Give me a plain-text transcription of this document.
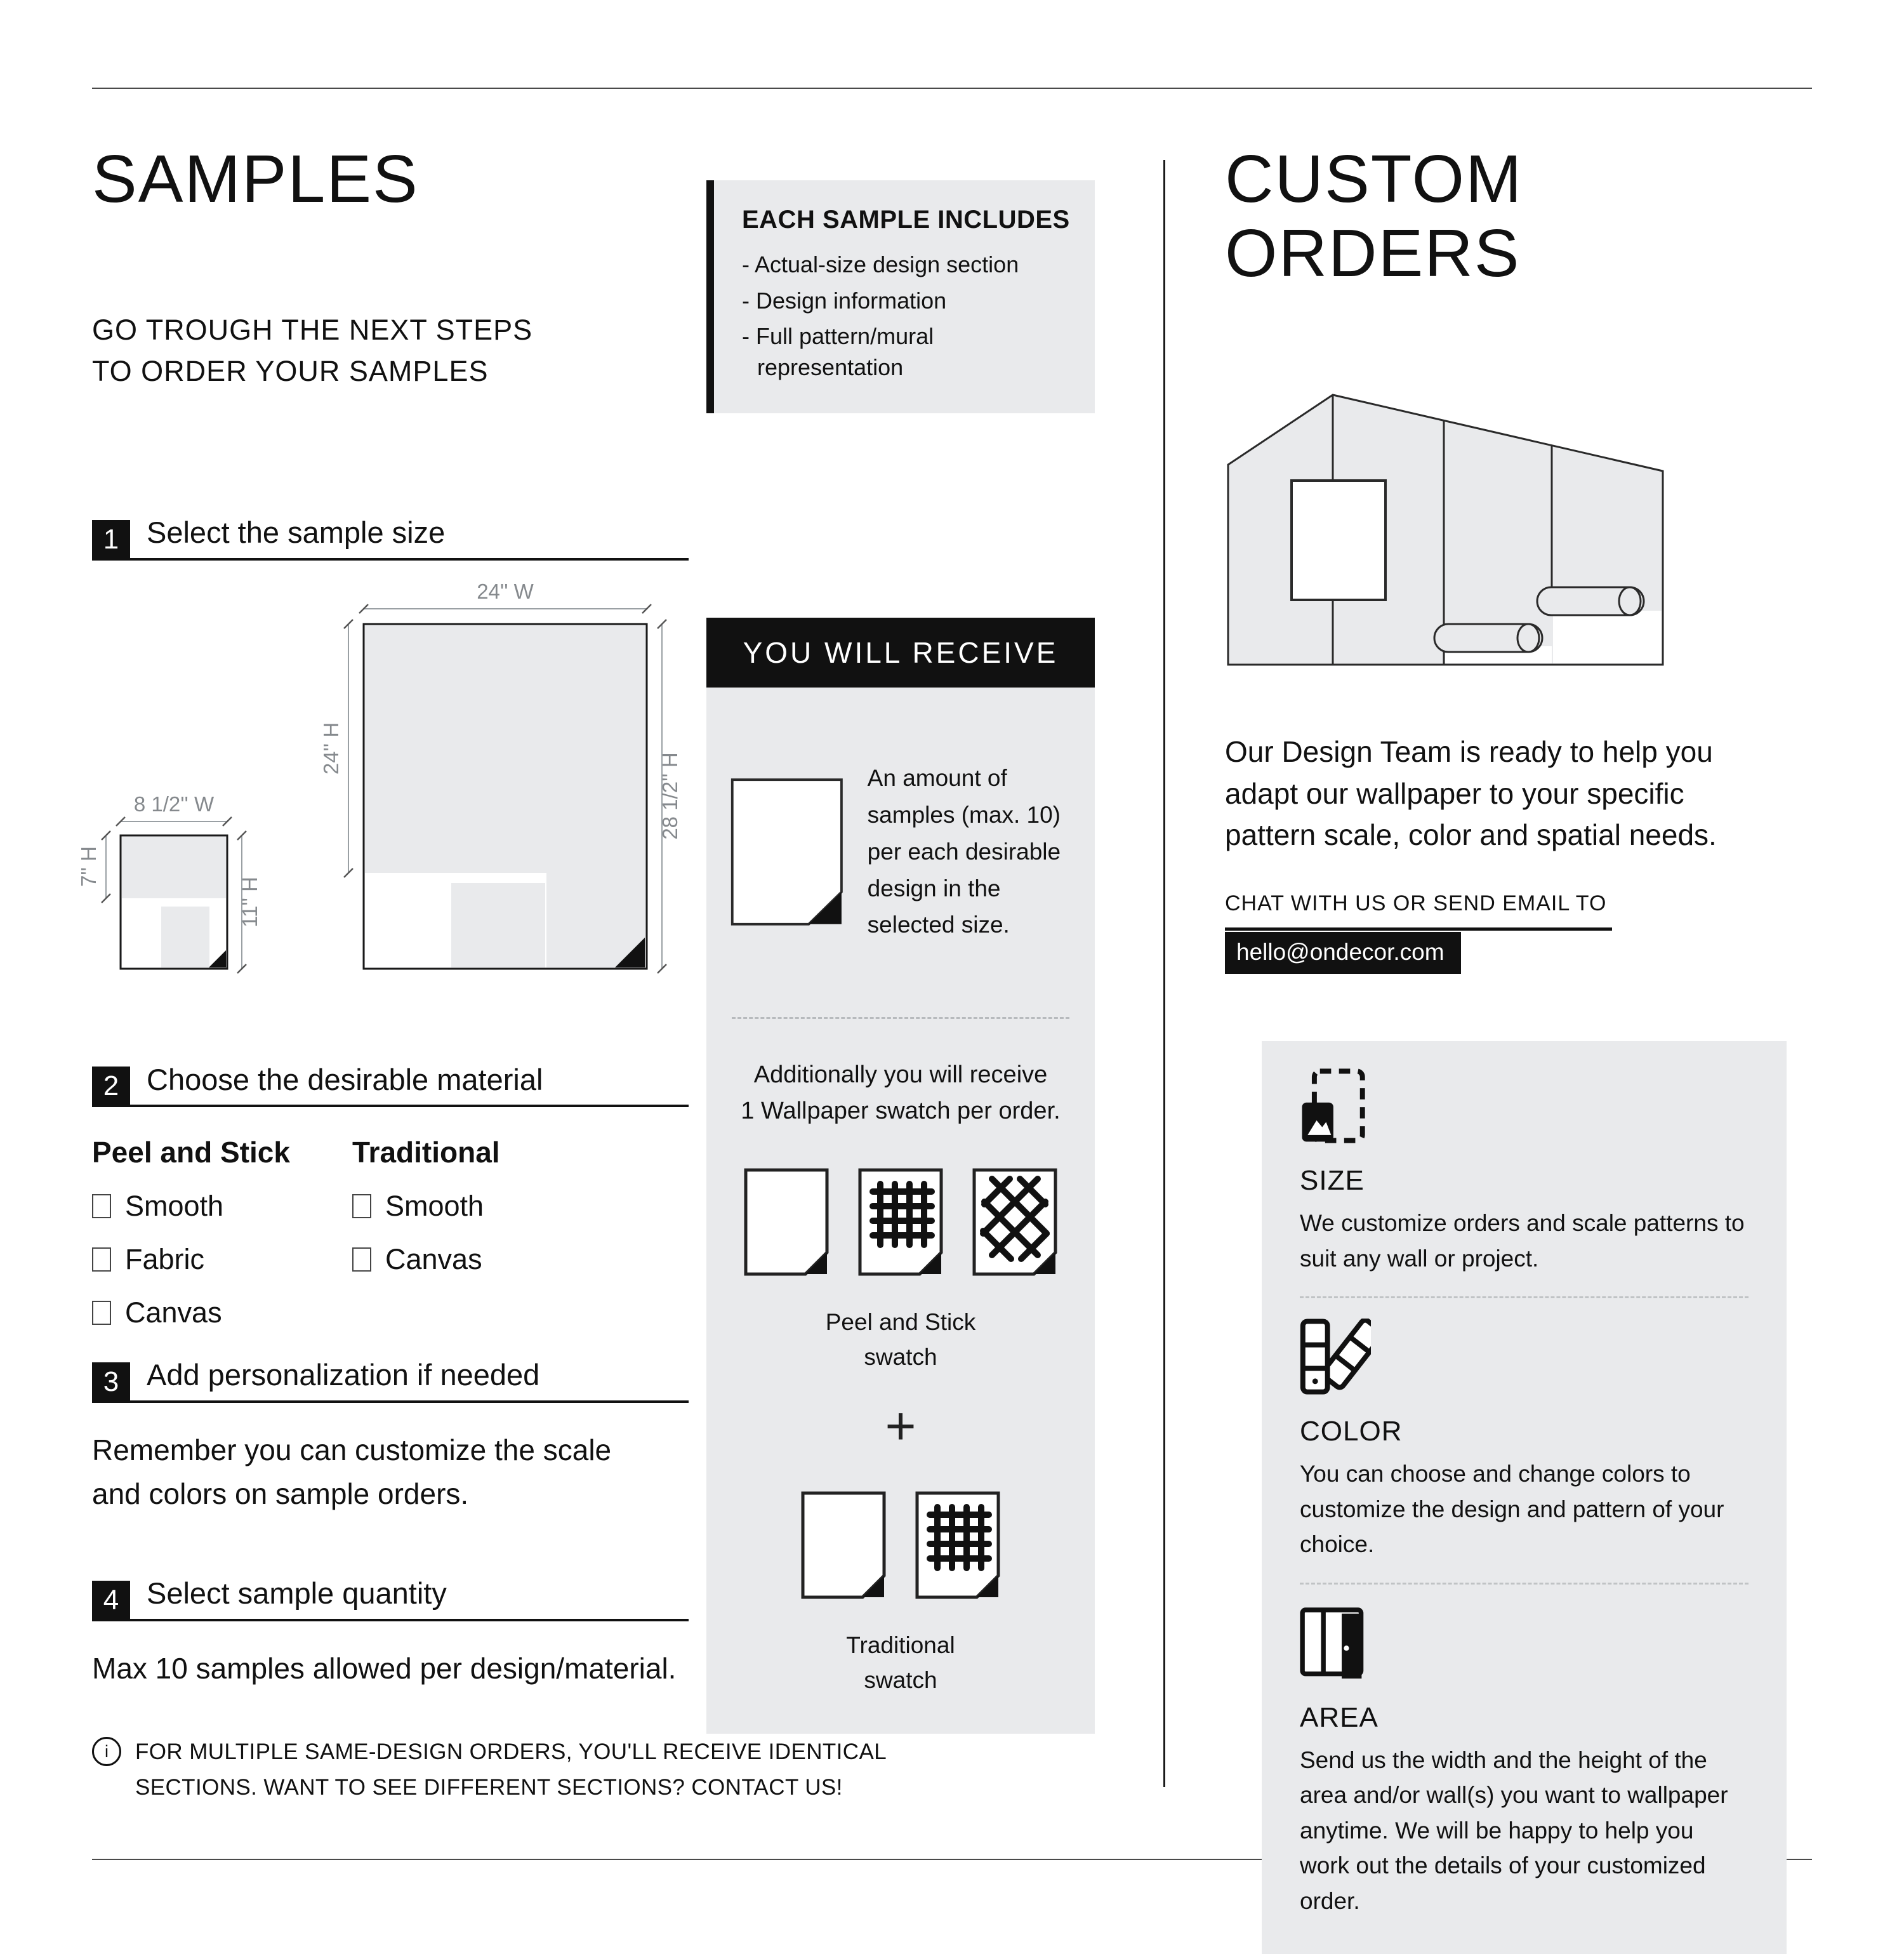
SAMPLES
GO TROUGH THE NEXT STEPS
TO ORDER YOUR SAMPLES
1 Select the sample size
24'' W
24'' H
28 1/2'' H
8 1/2'' W
7'' H
11'' H
2 Choose the desirable material
Peel and Stick
Smooth
Fabric
Canvas
Traditional
Smooth
Canvas
3 Add personalization if needed
Remember you can customize the scale
and colors on sample orders.
4 Select sample quantity
Max 10 samples allowed per design/material.
i	FOR MULTIPLE SAME-DESIGN ORDERS, YOU'LL RECEIVE IDENTICAL
SECTIONS. WANT TO SEE DIFFERENT SECTIONS? CONTACT US!
EACH SAMPLE INCLUDES
- Actual-size design section
- Design information
- Full pattern/mural representation
YOU WILL RECEIVE
An amount of samples (max. 10) per each desirable design in the selected size.
Additionally you will receive
1 Wallpaper swatch per order.
Peel and Stick
swatch
+
Traditional
swatch
CUSTOM ORDERS
Our Design Team is ready to help you
adapt our wallpaper to your specific
pattern scale, color and spatial needs.
CHAT WITH US OR SEND EMAIL TO
hello@ondecor.com
SIZE
We customize orders and scale patterns to suit any wall or project.
COLOR
You can choose and change colors to customize the design and pattern of your choice.
AREA
Send us the width and the height of the area and/or wall(s) you want to wallpaper anytime. We will be happy to help you work out the details of your customized order.
